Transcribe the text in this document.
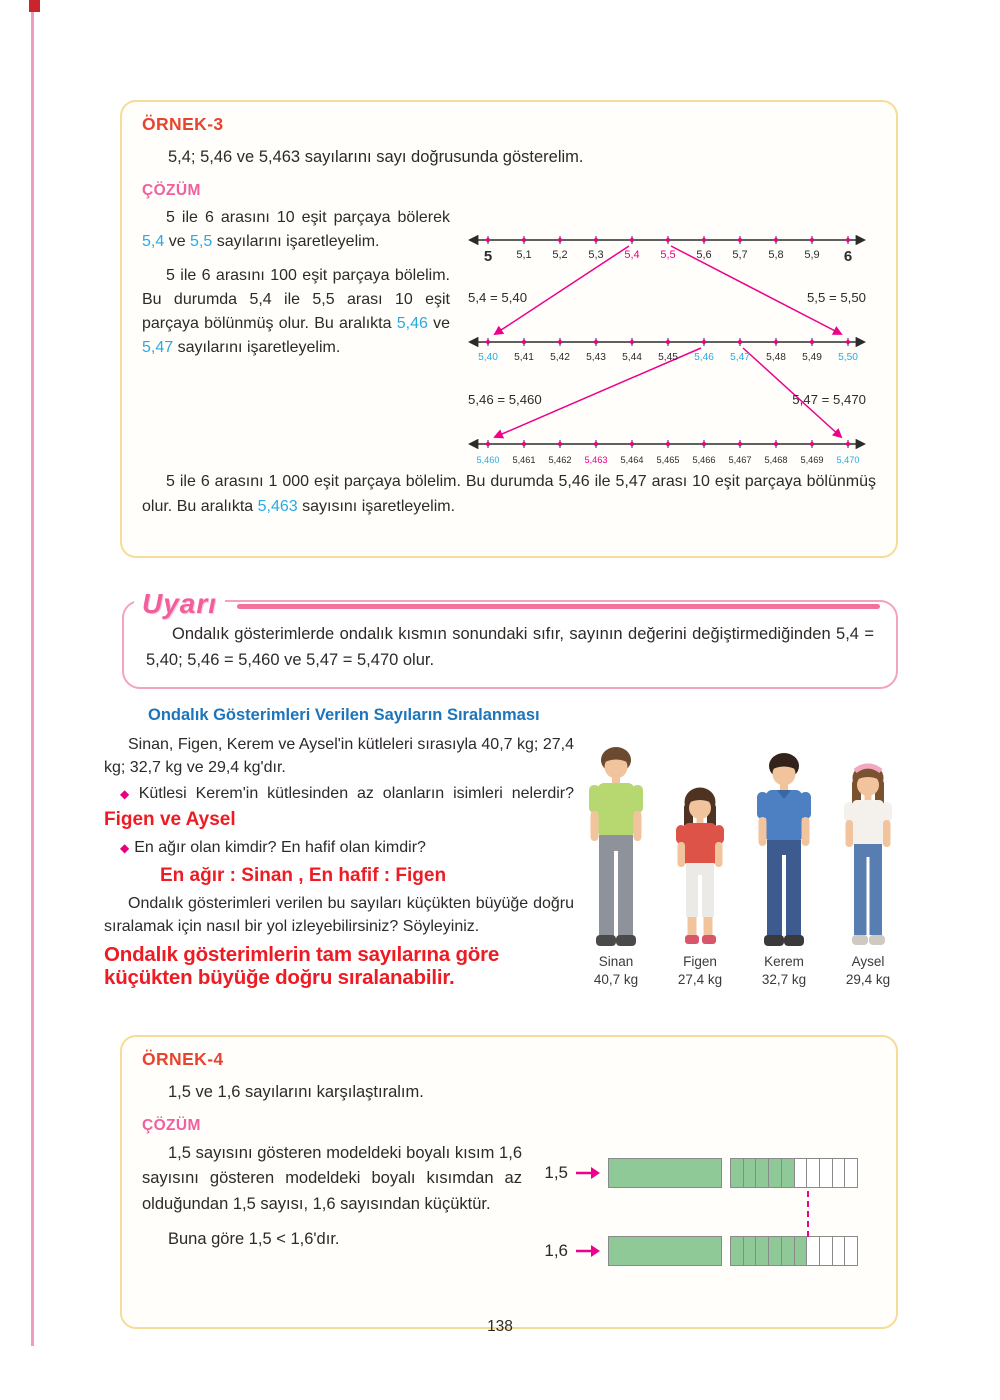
ÖRNEK-3

5,4; 5,46 ve 5,463 sayılarını sayı doğrusunda gösterelim.

ÇÖZÜM

5 ile 6 arasını 10 eşit parçaya bölerek 5,4 ve 5,5 sayılarını işaretleyelim.

5 ile 6 arasını 100 eşit parçaya bölelim. Bu durumda 5,4 ile 5,5 arası 10 eşit parçaya bölünmüş olur. Bu aralıkta 5,46 ve 5,47 sayılarını işaretleyelim.

5 5,1 5,2 5,3 5,4 5,5 5,6 5,7 5,8 5,9 6
5,4 = 5,40	5,5 = 5,50
5,40 5,41 5,42 5,43 5,44 5,45 5,46 5,47 5,48 5,49 5,50
5,46 = 5,460	5,47 = 5,470
5,460 5,461 5,462 5,463 5,464 5,465 5,466 5,467 5,468 5,469 5,470

5 ile 6 arasını 1 000 eşit parçaya bölelim. Bu durumda 5,46 ile 5,47 arası 10 eşit parçaya bölünmüş olur. Bu aralıkta 5,463 sayısını işaretleyelim.

Uyarı

Ondalık gösterimlerde ondalık kısmın sonundaki sıfır, sayının değerini değiştirmediğinden 5,4 = 5,40; 5,46 = 5,460 ve 5,47 = 5,470 olur.

Ondalık Gösterimleri Verilen Sayıların Sıralanması

Sinan, Figen, Kerem ve Aysel'in kütleleri sırasıyla 40,7 kg; 27,4 kg; 32,7 kg ve 29,4 kg'dır.

◆ Kütlesi Kerem'in kütlesinden az olanların isimleri nelerdir? Figen ve Aysel

◆ En ağır olan kimdir? En hafif olan kimdir?

En ağır : Sinan , En hafif : Figen

Ondalık gösterimleri verilen bu sayıları küçükten büyüğe doğru sıralamak için nasıl bir yol izleyebilirsiniz? Söyleyiniz.

Ondalık gösterimlerin tam sayılarına göre küçükten büyüğe doğru sıralanabilir.

Sinan
40,7 kg
Figen
27,4 kg
Kerem
32,7 kg
Aysel
29,4 kg
ÖRNEK-4

1,5 ve 1,6 sayılarını karşılaştıralım.

ÇÖZÜM

1,5 sayısını gösteren modeldeki boyalı kısım 1,6 sayısını gösteren modeldeki boyalı kısımdan az olduğundan 1,5 sayısı, 1,6 sayısından küçüktür.

Buna göre 1,5 < 1,6'dır.

1,5
1,6
138
